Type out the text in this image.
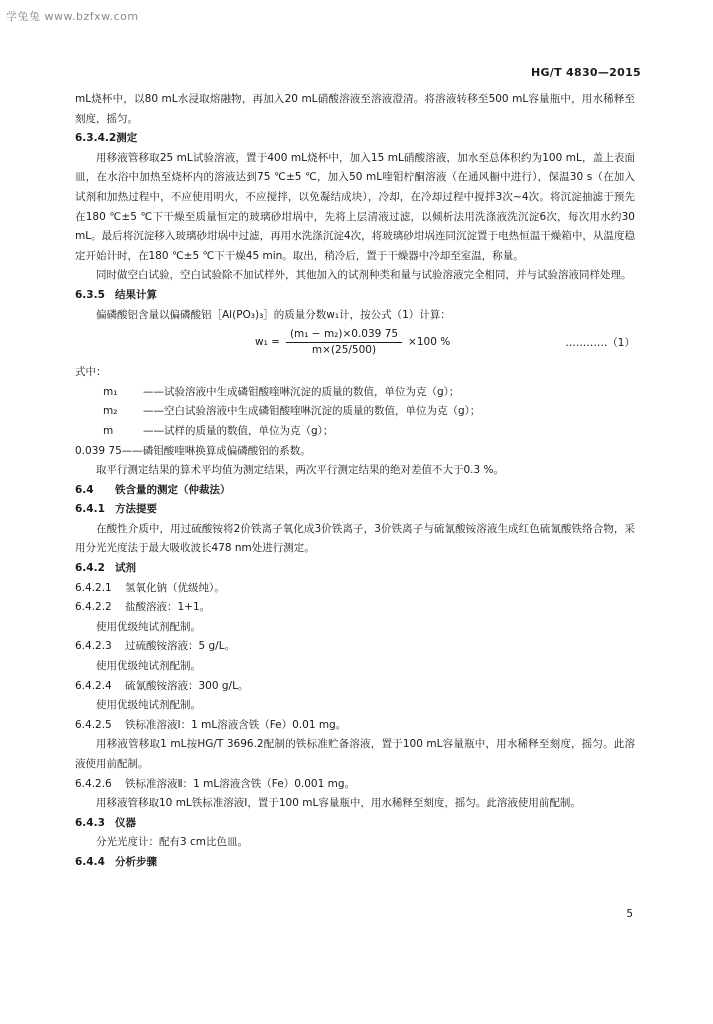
学兔兔 www.bzfxw.com
HG/T 4830—2015

mL烧杯中，以80 mL水浸取熔融物，再加入20 mL硝酸溶液至溶液澄清。将溶液转移至500 mL容量瓶中，用水稀释至刻度，摇匀。

6.3.4.2测定

用移液管移取25 mL试验溶液，置于400 mL烧杯中，加入15 mL硝酸溶液，加水至总体积约为100 mL，盖上表面皿，在水浴中加热至烧杯内的溶液达到75 ℃±5 ℃，加入50 mL喹钼柠酮溶液（在通风橱中进行），保温30 s（在加入试剂和加热过程中，不应使用明火，不应搅拌，以免凝结成块），冷却，在冷却过程中搅拌3次~4次。将沉淀抽滤于预先在180 ℃±5 ℃下干燥至质量恒定的玻璃砂坩埚中，先将上层清液过滤，以倾析法用洗涤液洗沉淀6次，每次用水约30 mL。最后将沉淀移入玻璃砂坩埚中过滤，再用水洗涤沉淀4次，将玻璃砂坩埚连同沉淀置于电热恒温干燥箱中，从温度稳定开始计时，在180 ℃±5 ℃下干燥45 min。取出，稍冷后，置于干燥器中冷却至室温，称量。

同时做空白试验，空白试验除不加试样外，其他加入的试剂种类和量与试验溶液完全相同，并与试验溶液同样处理。

6.3.5 结果计算

偏磷酸铝含量以偏磷酸铝［Al(PO₃)₃］的质量分数w₁计，按公式（1）计算：

$w_1 = \frac{\text{(m₁ − m₂)×0.039 75}}{m\times(25/500)} \times 100$ %	…………（1）

式中：

m₁ ——试验溶液中生成磷钼酸喹啉沉淀的质量的数值，单位为克（g）；

m₂ ——空白试验溶液中生成磷钼酸喹啉沉淀的质量的数值，单位为克（g）；

m	——试样的质量的数值，单位为克（g）；

0.039 75——磷钼酸喹啉换算成偏磷酸铝的系数。

取平行测定结果的算术平均值为测定结果，两次平行测定结果的绝对差值不大于0.3 %。

6.4 铁含量的测定（仲裁法）

6.4.1 方法提要

在酸性介质中，用过硫酸铵将2价铁离子氧化成3价铁离子，3价铁离子与硫氰酸铵溶液生成红色硫氰酸铁络合物，采用分光光度法于最大吸收波长478 nm处进行测定。

6.4.2 试剂

6.4.2.1 氢氧化钠（优级纯）。

6.4.2.2 盐酸溶液：1+1。

使用优级纯试剂配制。

6.4.2.3 过硫酸铵溶液：5 g/L。

使用优级纯试剂配制。

6.4.2.4 硫氰酸铵溶液：300 g/L。

使用优级纯试剂配制。

6.4.2.5 铁标准溶液Ⅰ：1 mL溶液含铁（Fe）0.01 mg。

用移液管移取1 mL按HG/T 3696.2配制的铁标准贮备溶液，置于100 mL容量瓶中，用水稀释至刻度，摇匀。此溶液使用前配制。

6.4.2.6 铁标准溶液Ⅱ：1 mL溶液含铁（Fe）0.001 mg。

用移液管移取10 mL铁标准溶液Ⅰ，置于100 mL容量瓶中，用水稀释至刻度，摇匀。此溶液使用前配制。

6.4.3 仪器

分光光度计：配有3 cm比色皿。

6.4.4 分析步骤

5
